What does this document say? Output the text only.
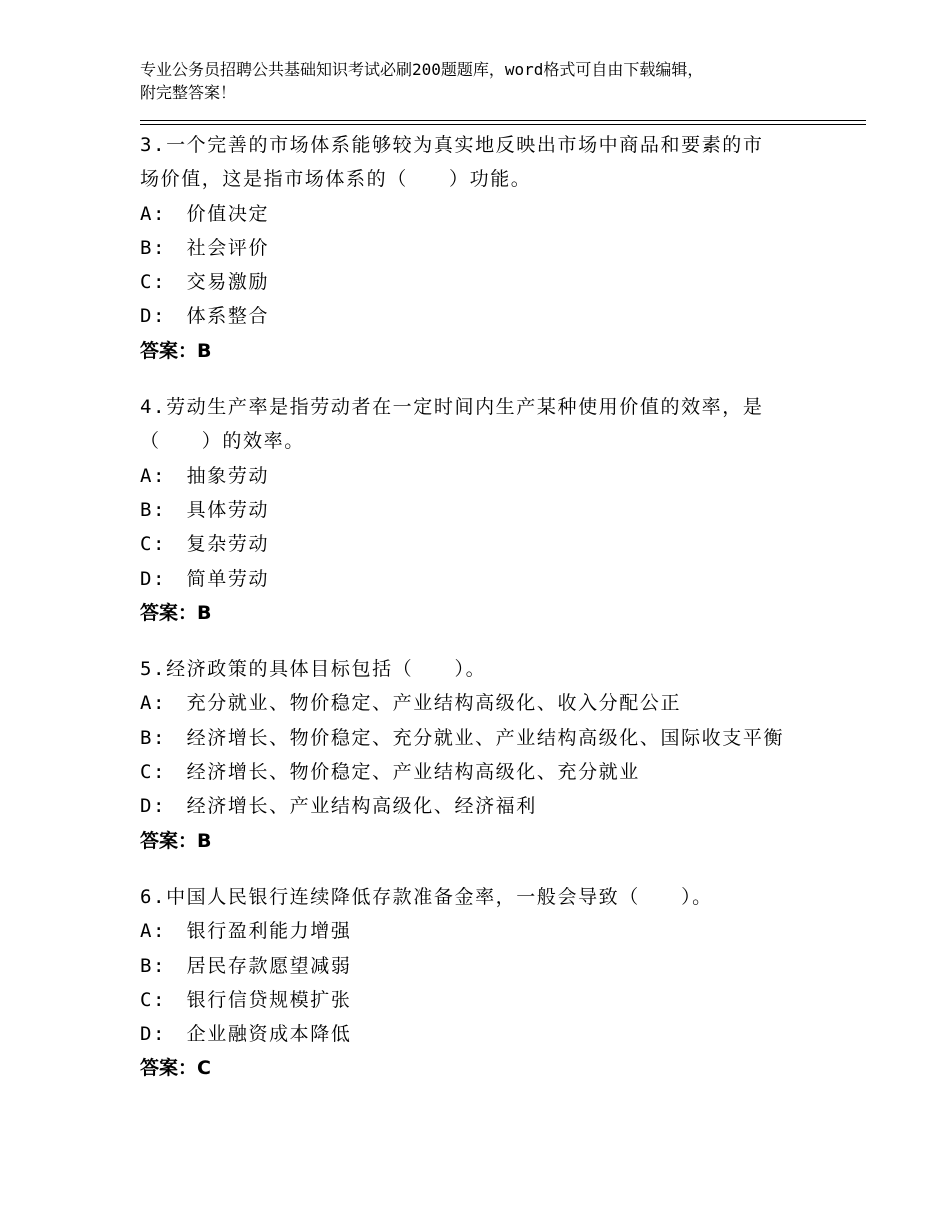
专业公务员招聘公共基础知识考试必刷200题题库，word格式可自由下载编辑，
附完整答案！
3.一个完善的市场体系能够较为真实地反映出市场中商品和要素的市
场价值，这是指市场体系的（　　）功能。
A:　价值决定
B:　社会评价
C:　交易激励
D:　体系整合
答案：B
4.劳动生产率是指劳动者在一定时间内生产某种使用价值的效率，是
（　　）的效率。
A:　抽象劳动
B:　具体劳动
C:　复杂劳动
D:　简单劳动
答案：B
5.经济政策的具体目标包括（　　）。
A:　充分就业、物价稳定、产业结构高级化、收入分配公正
B:　经济增长、物价稳定、充分就业、产业结构高级化、国际收支平衡
C:　经济增长、物价稳定、产业结构高级化、充分就业
D:　经济增长、产业结构高级化、经济福利
答案：B
6.中国人民银行连续降低存款准备金率，一般会导致（　　）。
A:　银行盈利能力增强
B:　居民存款愿望减弱
C:　银行信贷规模扩张
D:　企业融资成本降低
答案：C
